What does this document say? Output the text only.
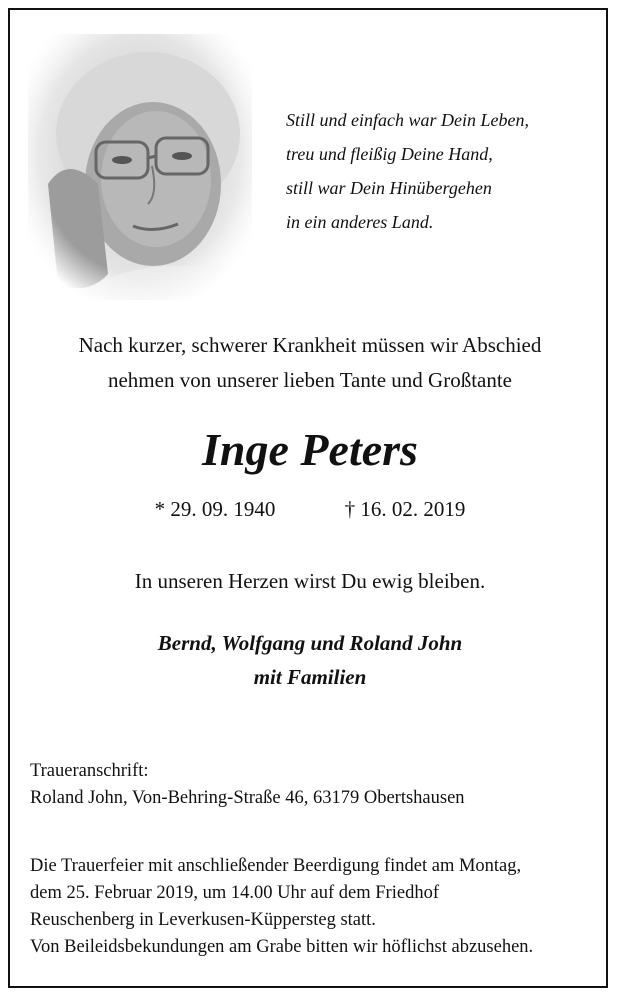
Still und einfach war Dein Leben,
treu und fleißig Deine Hand,
still war Dein Hinübergehen
in ein anderes Land.
Nach kurzer, schwerer Krankheit müssen wir Abschied
nehmen von unserer lieben Tante und Großtante
Inge Peters
* 29. 09. 1940	† 16. 02. 2019
In unseren Herzen wirst Du ewig bleiben.
Bernd, Wolfgang und Roland John
mit Familien
Traueranschrift:
Roland John, Von-Behring-Straße 46, 63179 Obertshausen
Die Trauerfeier mit anschließender Beerdigung findet am Montag,
dem 25. Februar 2019, um 14.00 Uhr auf dem Friedhof
Reuschenberg in Leverkusen-Küppersteg statt.
Von Beileidsbekundungen am Grabe bitten wir höflichst abzusehen.
